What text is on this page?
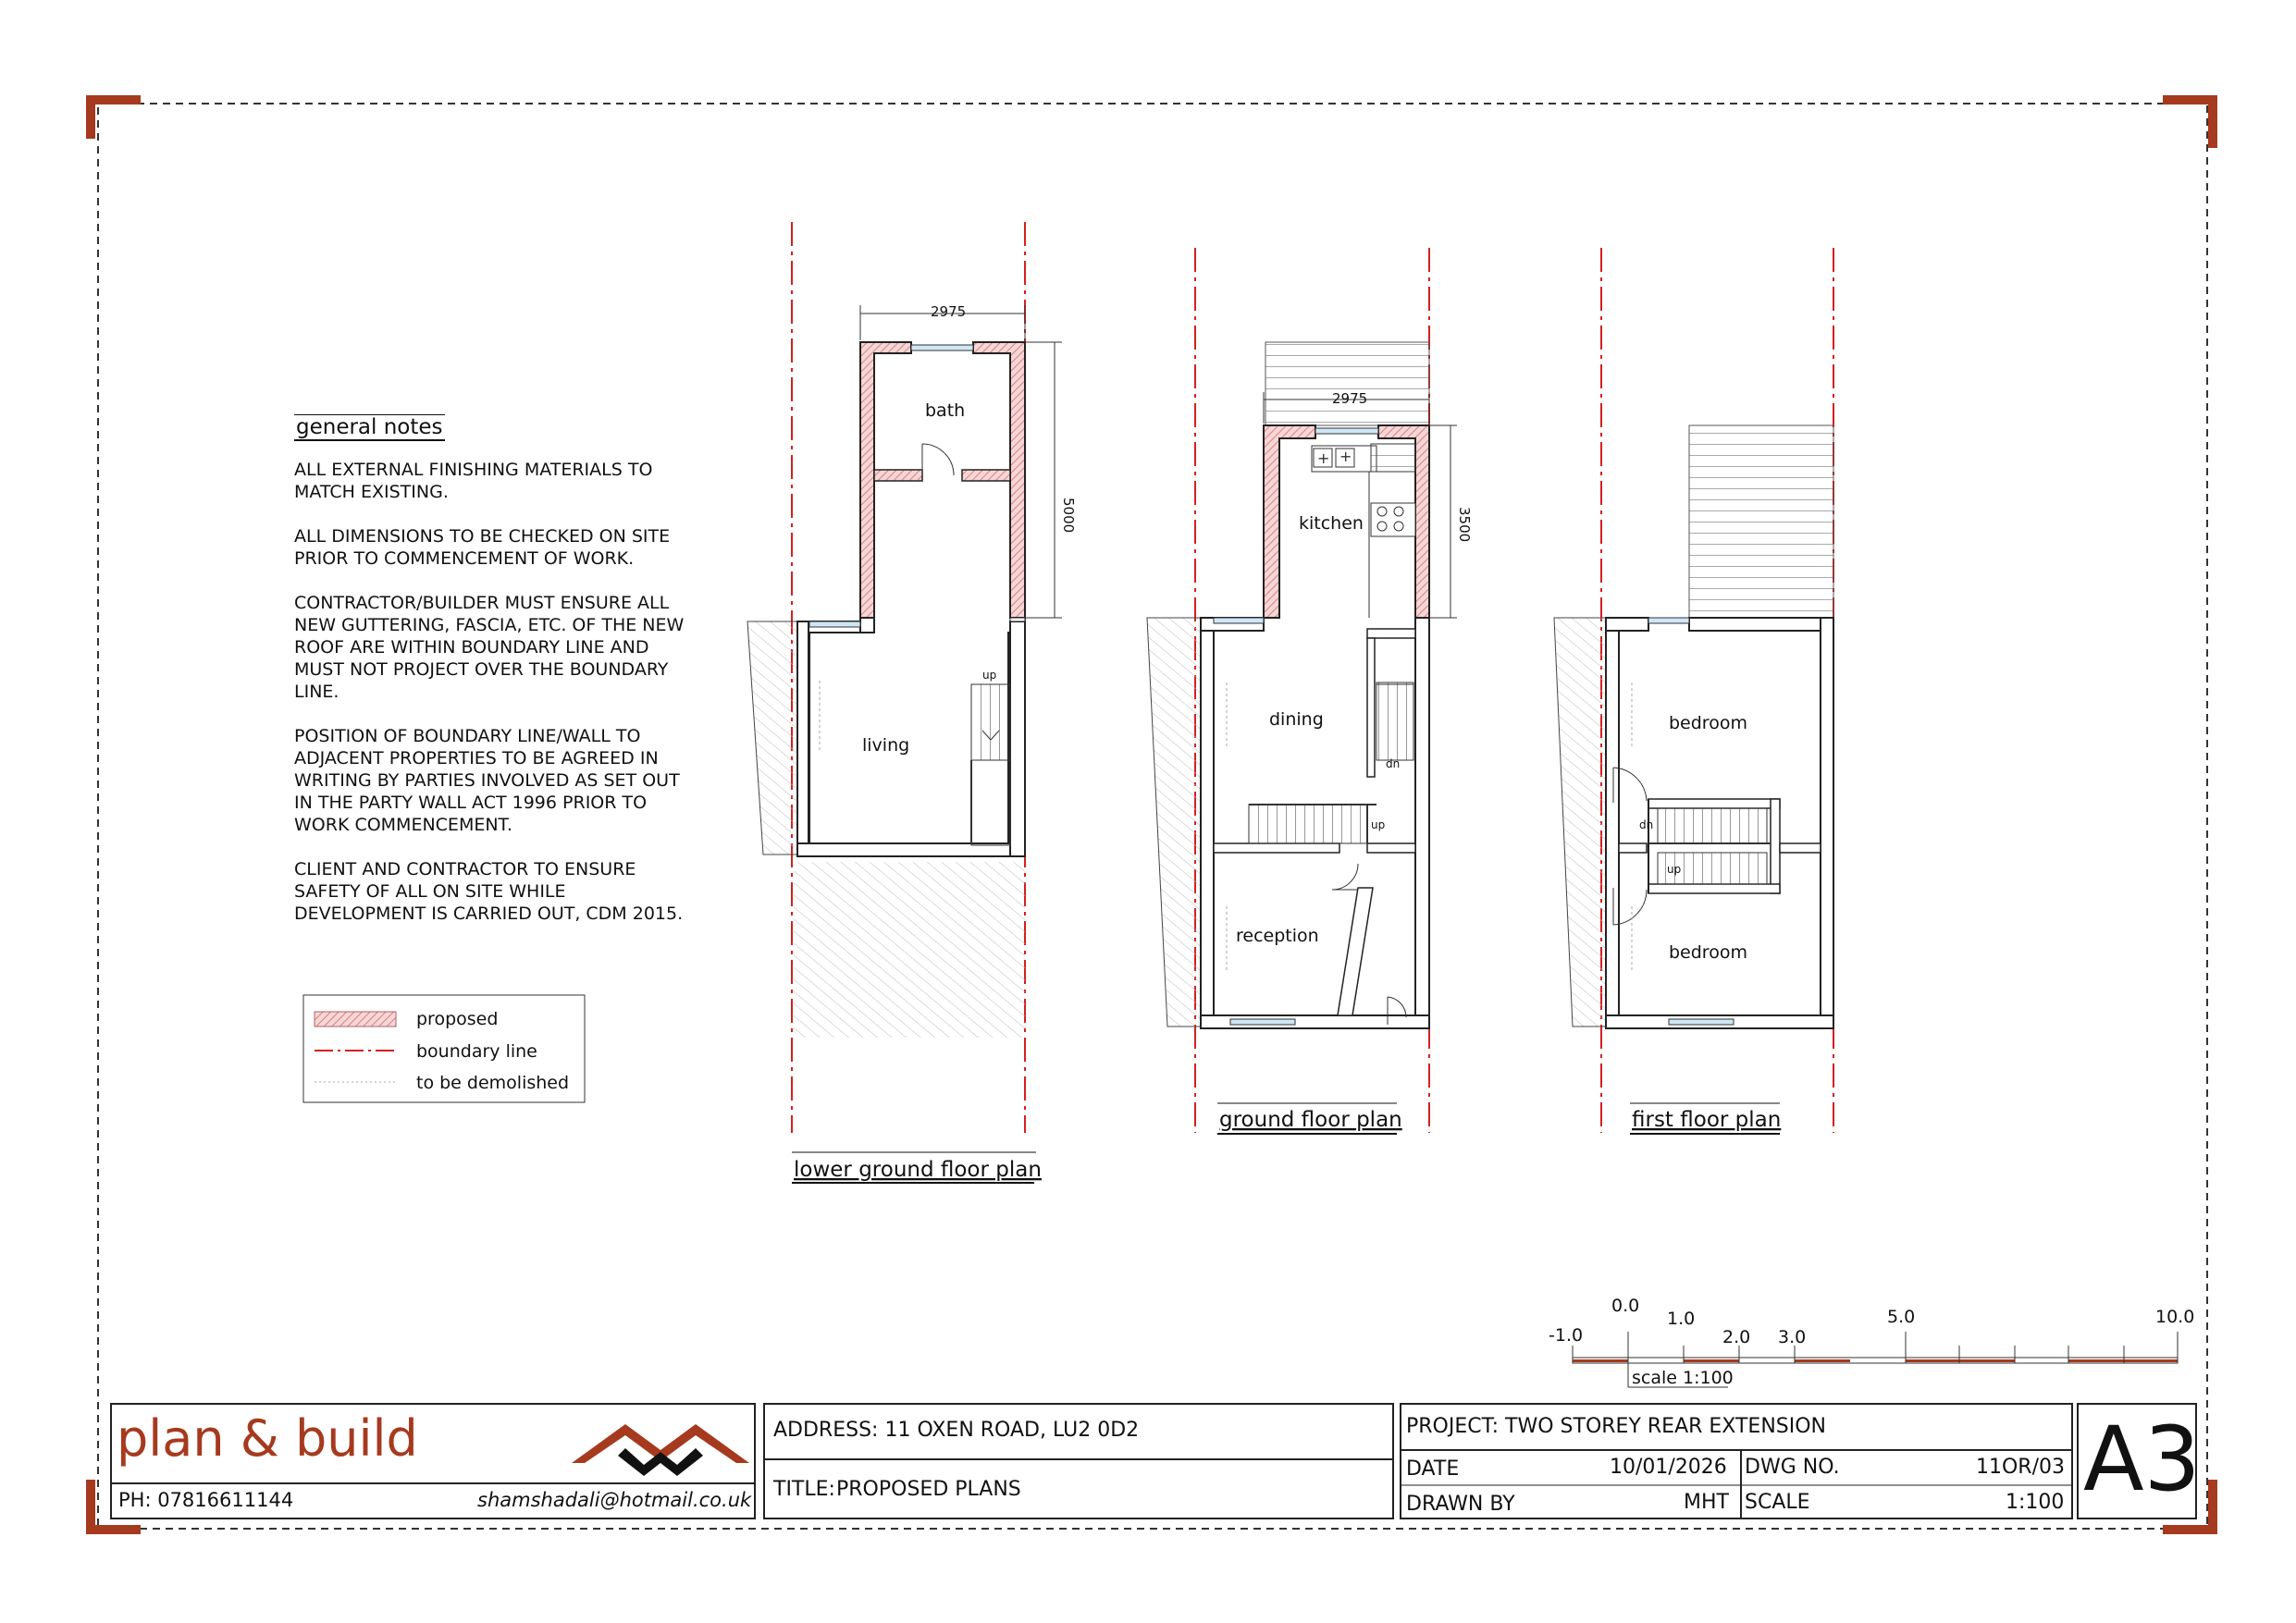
2975
5000
bath
living
up
lower ground floor plan
+ +
2975
3500
kitchen
dining
reception
up
dn
ground floor plan
bedroom
bedroom
dn
up
first floor plan
proposed
boundary line
to be demolished
-1.0
0.0
1.0
2.0 3.0
5.0	10.0
scale 1:100
general notes

ALL EXTERNAL FINISHING MATERIALS TO MATCH EXISTING.

ALL DIMENSIONS TO BE CHECKED ON SITE PRIOR TO COMMENCEMENT OF WORK.

CONTRACTOR/BUILDER MUST ENSURE ALL NEW GUTTERING, FASCIA, ETC. OF THE NEW ROOF ARE WITHIN BOUNDARY LINE AND MUST NOT PROJECT OVER THE BOUNDARY LINE.

POSITION OF BOUNDARY LINE/WALL TO ADJACENT PROPERTIES TO BE AGREED IN WRITING BY PARTIES INVOLVED AS SET OUT IN THE PARTY WALL ACT 1996 PRIOR TO WORK COMMENCEMENT.

CLIENT AND CONTRACTOR TO ENSURE SAFETY OF ALL ON SITE WHILE DEVELOPMENT IS CARRIED OUT, CDM 2015.

plan & build
PH: 07816611144	shamshadali@hotmail.co.uk
ADDRESS: 11 OXEN ROAD, LU2 0D2
TITLE: PROPOSED PLANS
PROJECT: TWO STOREY REAR EXTENSION
DATE	10/01/2026 DWG NO.	11OR/03
DRAWN BY	MHT SCALE	1:100 A3
